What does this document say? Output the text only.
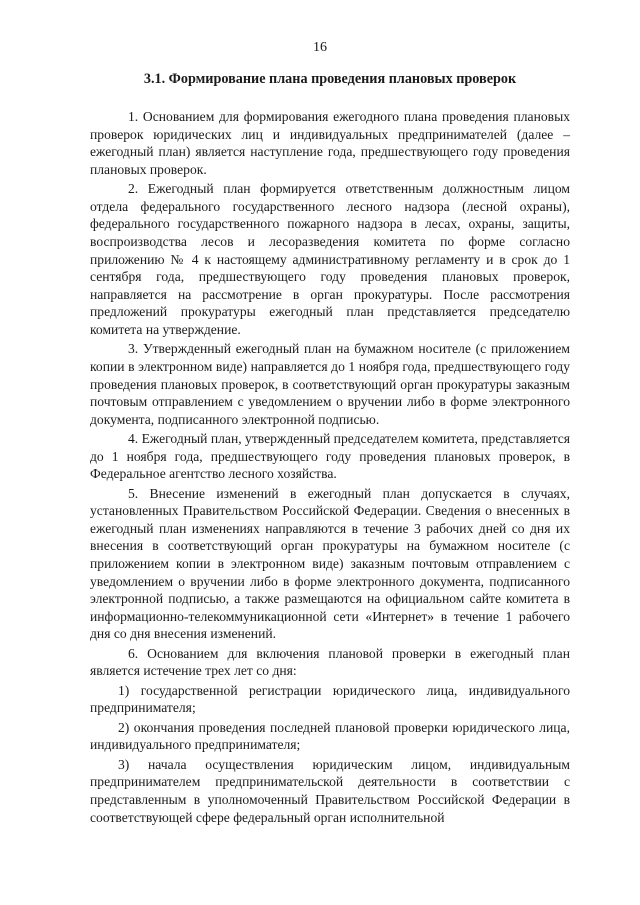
16
3.1. Формирование плана проведения плановых проверок

1. Основанием для формирования ежегодного плана проведения плановых проверок юридических лиц и индивидуальных предпринимателей (далее – ежегодный план) является наступление года, предшествующего году проведения плановых проверок.

2. Ежегодный план формируется ответственным должностным лицом отдела федерального государственного лесного надзора (лесной охраны), федерального государственного пожарного надзора в лесах, охраны, защиты, воспроизводства лесов и лесоразведения комитета по форме согласно приложению № 4 к настоящему административному регламенту и в срок до 1 сентября года, предшествующего году проведения плановых проверок, направляется на рассмотрение в орган прокуратуры. После рассмотрения предложений прокуратуры ежегодный план представляется председателю комитета на утверждение.

3. Утвержденный ежегодный план на бумажном носителе (с приложением копии в электронном виде) направляется до 1 ноября года, предшествующего году проведения плановых проверок, в соответствующий орган прокуратуры заказным почтовым отправлением с уведомлением о вручении либо в форме электронного документа, подписанного электронной подписью.

4. Ежегодный план, утвержденный председателем комитета, представляется до 1 ноября года, предшествующего году проведения плановых проверок, в Федеральное агентство лесного хозяйства.

5. Внесение изменений в ежегодный план допускается в случаях, установленных Правительством Российской Федерации. Сведения о внесенных в ежегодный план изменениях направляются в течение 3 рабочих дней со дня их внесения в соответствующий орган прокуратуры на бумажном носителе (с приложением копии в электронном виде) заказным почтовым отправлением с уведомлением о вручении либо в форме электронного документа, подписанного электронной подписью, а также размещаются на официальном сайте комитета в информационно-телекоммуникационной сети «Интернет» в течение 1 рабочего дня со дня внесения изменений.

6. Основанием для включения плановой проверки в ежегодный план является истечение трех лет со дня:

1) государственной регистрации юридического лица, индивидуального предпринимателя;

2) окончания проведения последней плановой проверки юридического лица, индивидуального предпринимателя;

3) начала осуществления юридическим лицом, индивидуальным предпринимателем предпринимательской деятельности в соответствии с представленным в уполномоченный Правительством Российской Федерации в соответствующей сфере федеральный орган исполнительной
